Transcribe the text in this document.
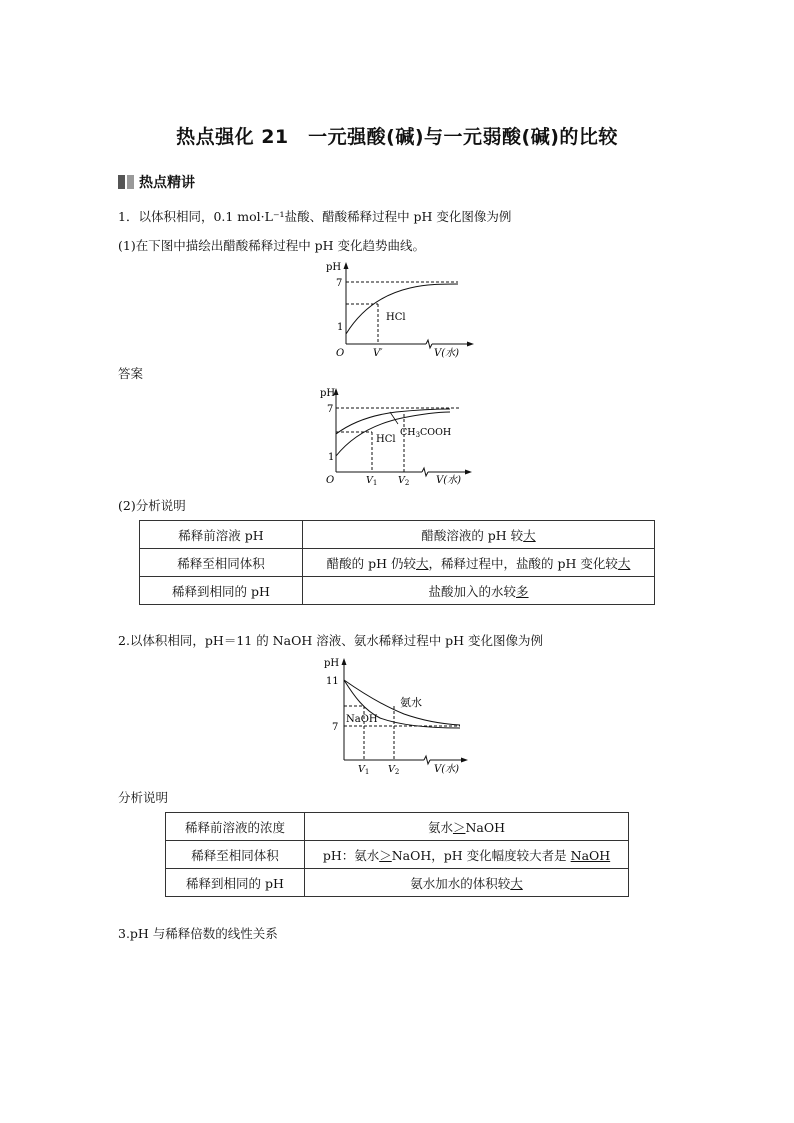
热点强化 21　一元强酸(碱)与一元弱酸(碱)的比较
热点精讲
1．以体积相同，0.1 mol·L⁻¹盐酸、醋酸稀释过程中 pH 变化图像为例
(1)在下图中描绘出醋酸稀释过程中 pH 变化趋势曲线。
pH
7
1
O	V′	V(水)
HCl
答案
pH
7
1
O	$V_1$ $V_2$	V(水)
HCl
$CH_3COOH$
(2)分析说明
稀释前溶液 pH	醋酸溶液的 pH 较大
稀释至相同体积	醋酸的 pH 仍较大，稀释过程中，盐酸的 pH 变化较大
稀释到相同的 pH	盐酸加入的水较多
2.以体积相同，pH＝11 的 NaOH 溶液、氨水稀释过程中 pH 变化图像为例
pH
11
7
$V_1$ $V_2$	V(水)
氨水
NaOH
分析说明
稀释前溶液的浓度	氨水＞NaOH
稀释至相同体积	pH：氨水＞NaOH，pH 变化幅度较大者是 NaOH
稀释到相同的 pH	氨水加水的体积较大
3.pH 与稀释倍数的线性关系
